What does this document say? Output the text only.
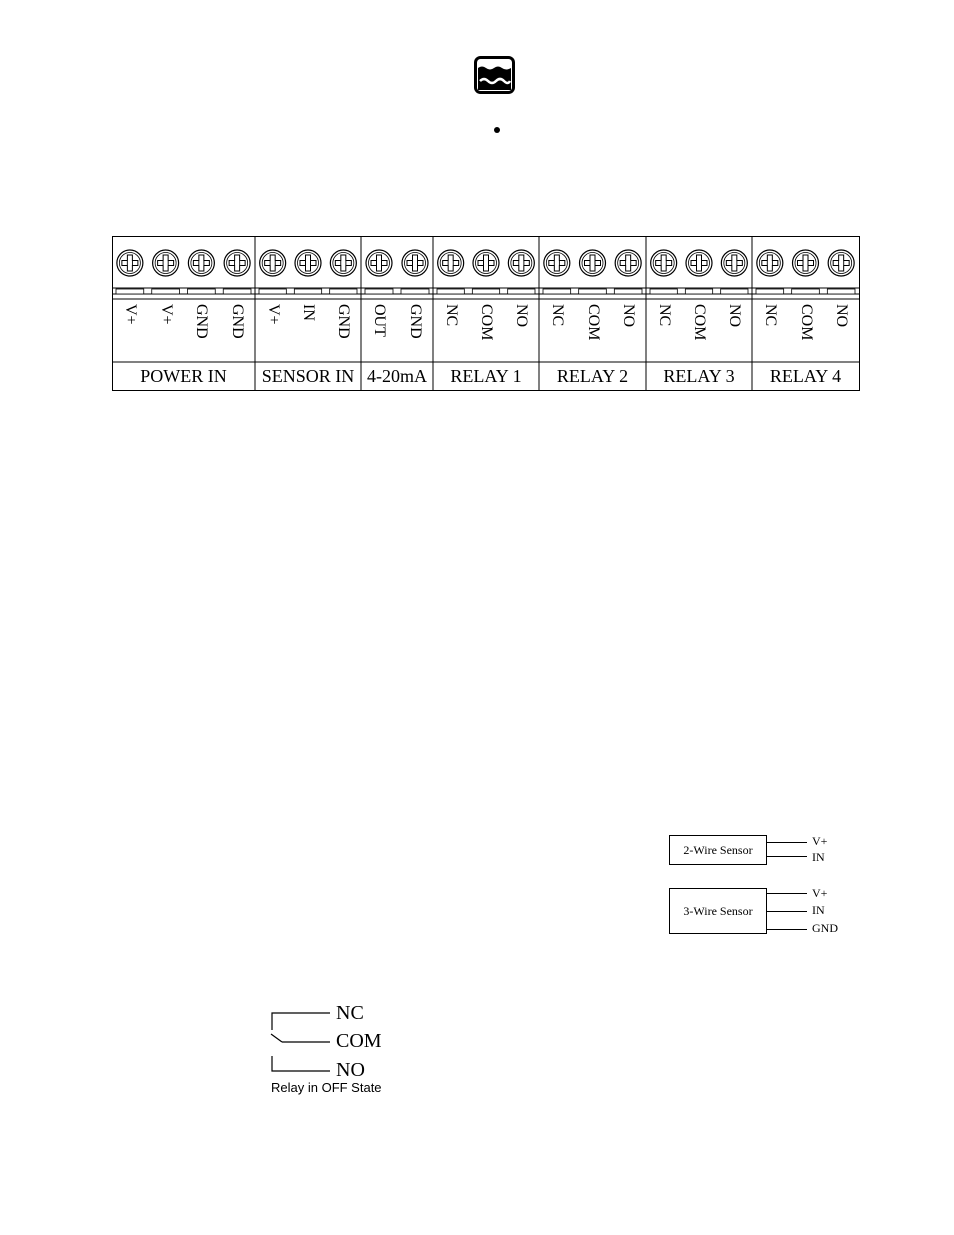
V+ V+ GND GND
POWER IN
V+ IN GND
SENSOR IN
OUT GND
4-20mA
NC COM NO
RELAY 1
NC COM NO
RELAY 2
NC COM NO
RELAY 3
NC COM NO
RELAY 4
2-Wire Sensor
V+
IN
3-Wire Sensor
V+
IN
GND
NC
COM
NO
Relay in OFF State
